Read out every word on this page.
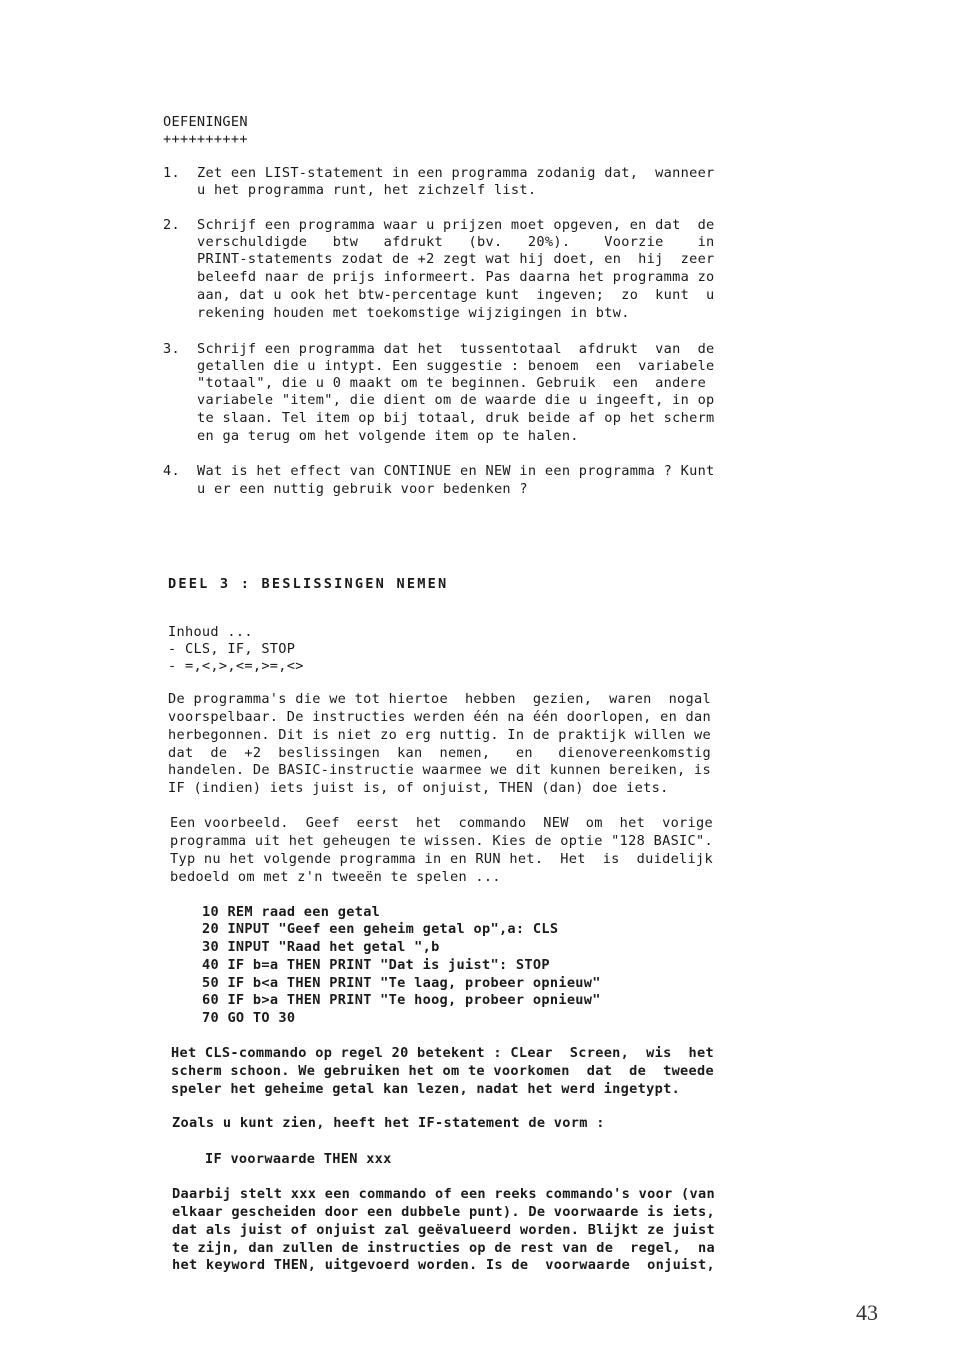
OEFENINGEN
++++++++++
1. Zet een LIST-statement in een programma zodanig dat,  wanneer
u het programma runt, het zichzelf list.
2. Schrijf een programma waar u prijzen moet opgeven, en dat  de
verschuldigde   btw   afdrukt   (bv.   20%).    Voorzie    in
PRINT-statements zodat de +2 zegt wat hij doet, en  hij  zeer
beleefd naar de prijs informeert. Pas daarna het programma zo
aan, dat u ook het btw-percentage kunt  ingeven;  zo  kunt  u
rekening houden met toekomstige wijzigingen in btw.
3. Schrijf een programma dat het  tussentotaal  afdrukt  van  de
getallen die u intypt. Een suggestie : benoem  een  variabele
"totaal", die u 0 maakt om te beginnen. Gebruik  een  andere
variabele "item", die dient om de waarde die u ingeeft, in op
te slaan. Tel item op bij totaal, druk beide af op het scherm
en ga terug om het volgende item op te halen.
4. Wat is het effect van CONTINUE en NEW in een programma ? Kunt
u er een nuttig gebruik voor bedenken ?
DEEL 3 : BESLISSINGEN NEMEN
Inhoud ...
- CLS, IF, STOP
- =,<,>,<=,>=,<>
De programma's die we tot hiertoe  hebben  gezien,  waren  nogal
voorspelbaar. De instructies werden één na één doorlopen, en dan
herbegonnen. Dit is niet zo erg nuttig. In de praktijk willen we
dat  de  +2  beslissingen  kan  nemen,   en   dienovereenkomstig
handelen. De BASIC-instructie waarmee we dit kunnen bereiken, is
IF (indien) iets juist is, of onjuist, THEN (dan) doe iets.
Een voorbeeld.  Geef  eerst  het  commando  NEW  om  het  vorige
programma uit het geheugen te wissen. Kies de optie "128 BASIC".
Typ nu het volgende programma in en RUN het.  Het  is  duidelijk
bedoeld om met z'n tweeën te spelen ...
10 REM raad een getal
20 INPUT "Geef een geheim getal op",a: CLS
30 INPUT "Raad het getal ",b
40 IF b=a THEN PRINT "Dat is juist": STOP
50 IF b<a THEN PRINT "Te laag, probeer opnieuw"
60 IF b>a THEN PRINT "Te hoog, probeer opnieuw"
70 GO TO 30
Het CLS-commando op regel 20 betekent : CLear  Screen,  wis  het
scherm schoon. We gebruiken het om te voorkomen  dat  de  tweede
speler het geheime getal kan lezen, nadat het werd ingetypt.
Zoals u kunt zien, heeft het IF-statement de vorm :
IF voorwaarde THEN xxx
Daarbij stelt xxx een commando of een reeks commando's voor (van
elkaar gescheiden door een dubbele punt). De voorwaarde is iets,
dat als juist of onjuist zal geëvalueerd worden. Blijkt ze juist
te zijn, dan zullen de instructies op de rest van de  regel,  na
het keyword THEN, uitgevoerd worden. Is de  voorwaarde  onjuist,
43
